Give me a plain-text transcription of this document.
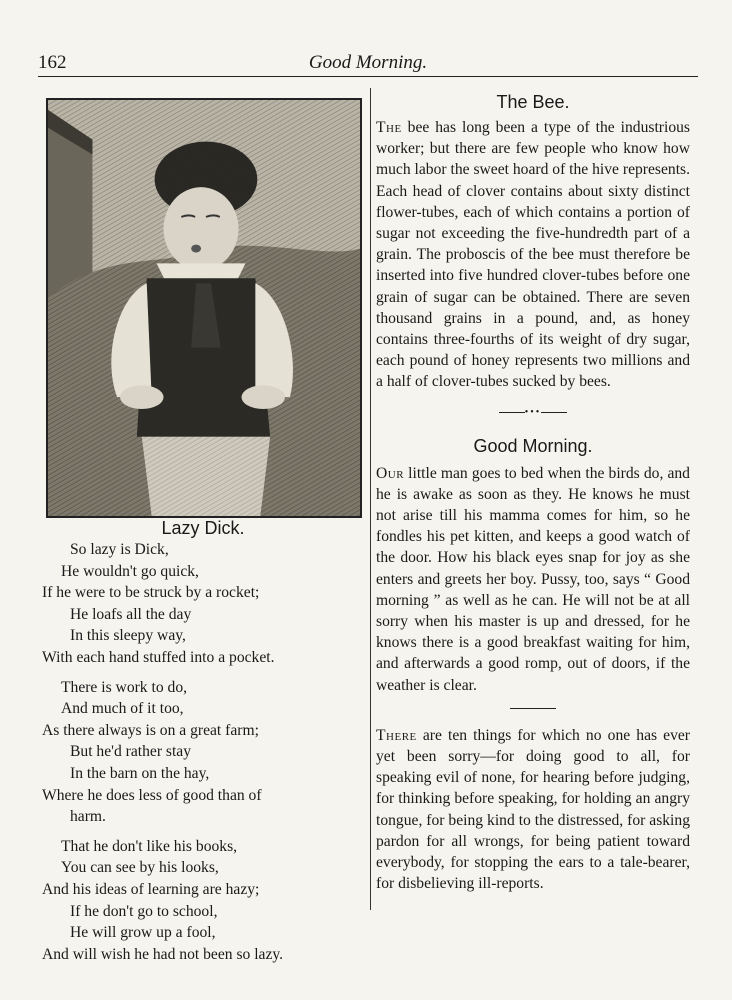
162	Good Morning.
Lazy Dick.
So lazy is Dick,
He wouldn't go quick,
If he were to be struck by a rocket;
He loafs all the day
In this sleepy way,
With each hand stuffed into a pocket.
There is work to do,
And much of it too,
As there always is on a great farm;
But he'd rather stay
In the barn on the hay,
Where he does less of good than of
harm.
That he don't like his books,
You can see by his looks,
And his ideas of learning are hazy;
If he don't go to school,
He will grow up a fool,
And will wish he had not been so lazy.
The Bee.

The bee has long been a type of the industrious worker; but there are few people who know how much labor the sweet hoard of the hive represents. Each head of clover contains about sixty distinct flower-tubes, each of which contains a portion of sugar not exceeding the five-hundredth part of a grain. The proboscis of the bee must therefore be inserted into five hundred clover-tubes before one grain of sugar can be obtained. There are seven thousand grains in a pound, and, as honey contains three-fourths of its weight of dry sugar, each pound of honey represents two millions and a half of clover-tubes sucked by bees.

•••
Good Morning.

Our little man goes to bed when the birds do, and he is awake as soon as they. He knows he must not arise till his mamma comes for him, so he fondles his pet kitten, and keeps a good watch of the door. How his black eyes snap for joy as she enters and greets her boy. Pussy, too, says “ Good morning ” as well as he can. He will not be at all sorry when his master is up and dressed, for he knows there is a good breakfast waiting for him, and afterwards a good romp, out of doors, if the weather is clear.

There are ten things for which no one has ever yet been sorry—for doing good to all, for speaking evil of none, for hearing before judging, for thinking before speaking, for holding an angry tongue, for being kind to the distressed, for asking pardon for all wrongs, for being patient toward everybody, for stopping the ears to a tale-bearer, for disbelieving ill-reports.
